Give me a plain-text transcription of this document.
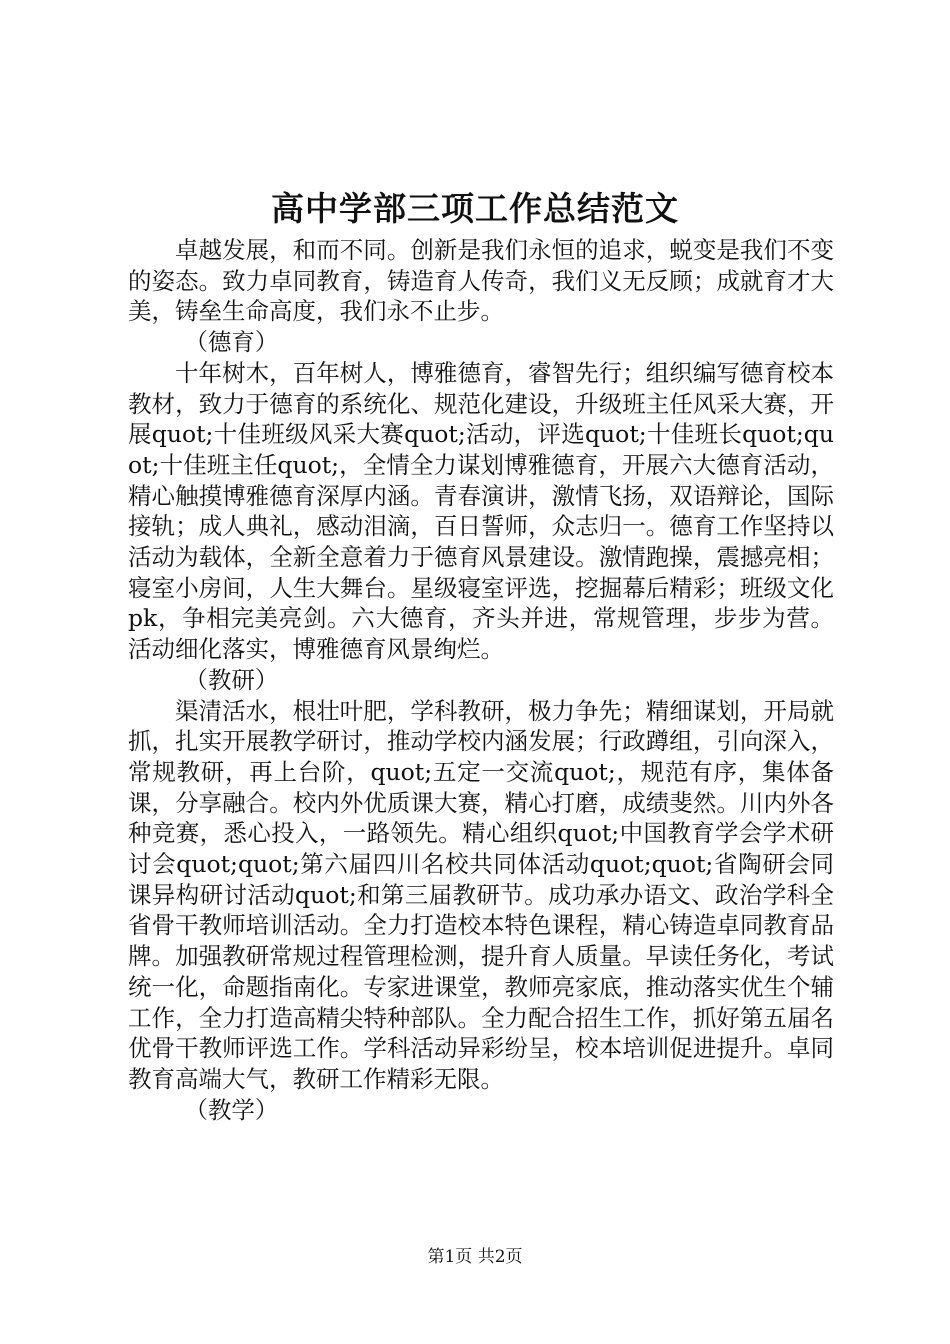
高中学部三项工作总结范文

卓越发展，和而不同。创新是我们永恒的追求，蜕变是我们不变的姿态。致力卓同教育，铸造育人传奇，我们义无反顾；成就育才大美，铸垒生命高度，我们永不止步。

（德育）

十年树木，百年树人，博雅德育，睿智先行；组织编写德育校本教材，致力于德育的系统化、规范化建设，升级班主任风采大赛，开展quot;十佳班级风采大赛quot;活动，评选quot;十佳班长quot;quot;十佳班主任quot;，全情全力谋划博雅德育，开展六大德育活动，精心触摸博雅德育深厚内涵。青春演讲，激情飞扬，双语辩论，国际接轨；成人典礼，感动泪滴，百日誓师，众志归一。德育工作坚持以活动为载体，全新全意着力于德育风景建设。激情跑操，震撼亮相；寝室小房间，人生大舞台。星级寝室评选，挖掘幕后精彩；班级文化pk，争相完美亮剑。六大德育，齐头并进，常规管理，步步为营。活动细化落实，博雅德育风景绚烂。

（教研）

渠清活水，根壮叶肥，学科教研，极力争先；精细谋划，开局就抓，扎实开展教学研讨，推动学校内涵发展；行政蹲组，引向深入，常规教研，再上台阶，quot;五定一交流quot;，规范有序，集体备课，分享融合。校内外优质课大赛，精心打磨，成绩斐然。川内外各种竞赛，悉心投入，一路领先。精心组织quot;中国教育学会学术研讨会quot;quot;第六届四川名校共同体活动quot;quot;省陶研会同课异构研讨活动quot;和第三届教研节。成功承办语文、政治学科全省骨干教师培训活动。全力打造校本特色课程，精心铸造卓同教育品牌。加强教研常规过程管理检测，提升育人质量。早读任务化，考试统一化，命题指南化。专家进课堂，教师亮家底，推动落实优生个辅工作，全力打造高精尖特种部队。全力配合招生工作，抓好第五届名优骨干教师评选工作。学科活动异彩纷呈，校本培训促进提升。卓同教育高端大气，教研工作精彩无限。

（教学）

第1页 共2页
